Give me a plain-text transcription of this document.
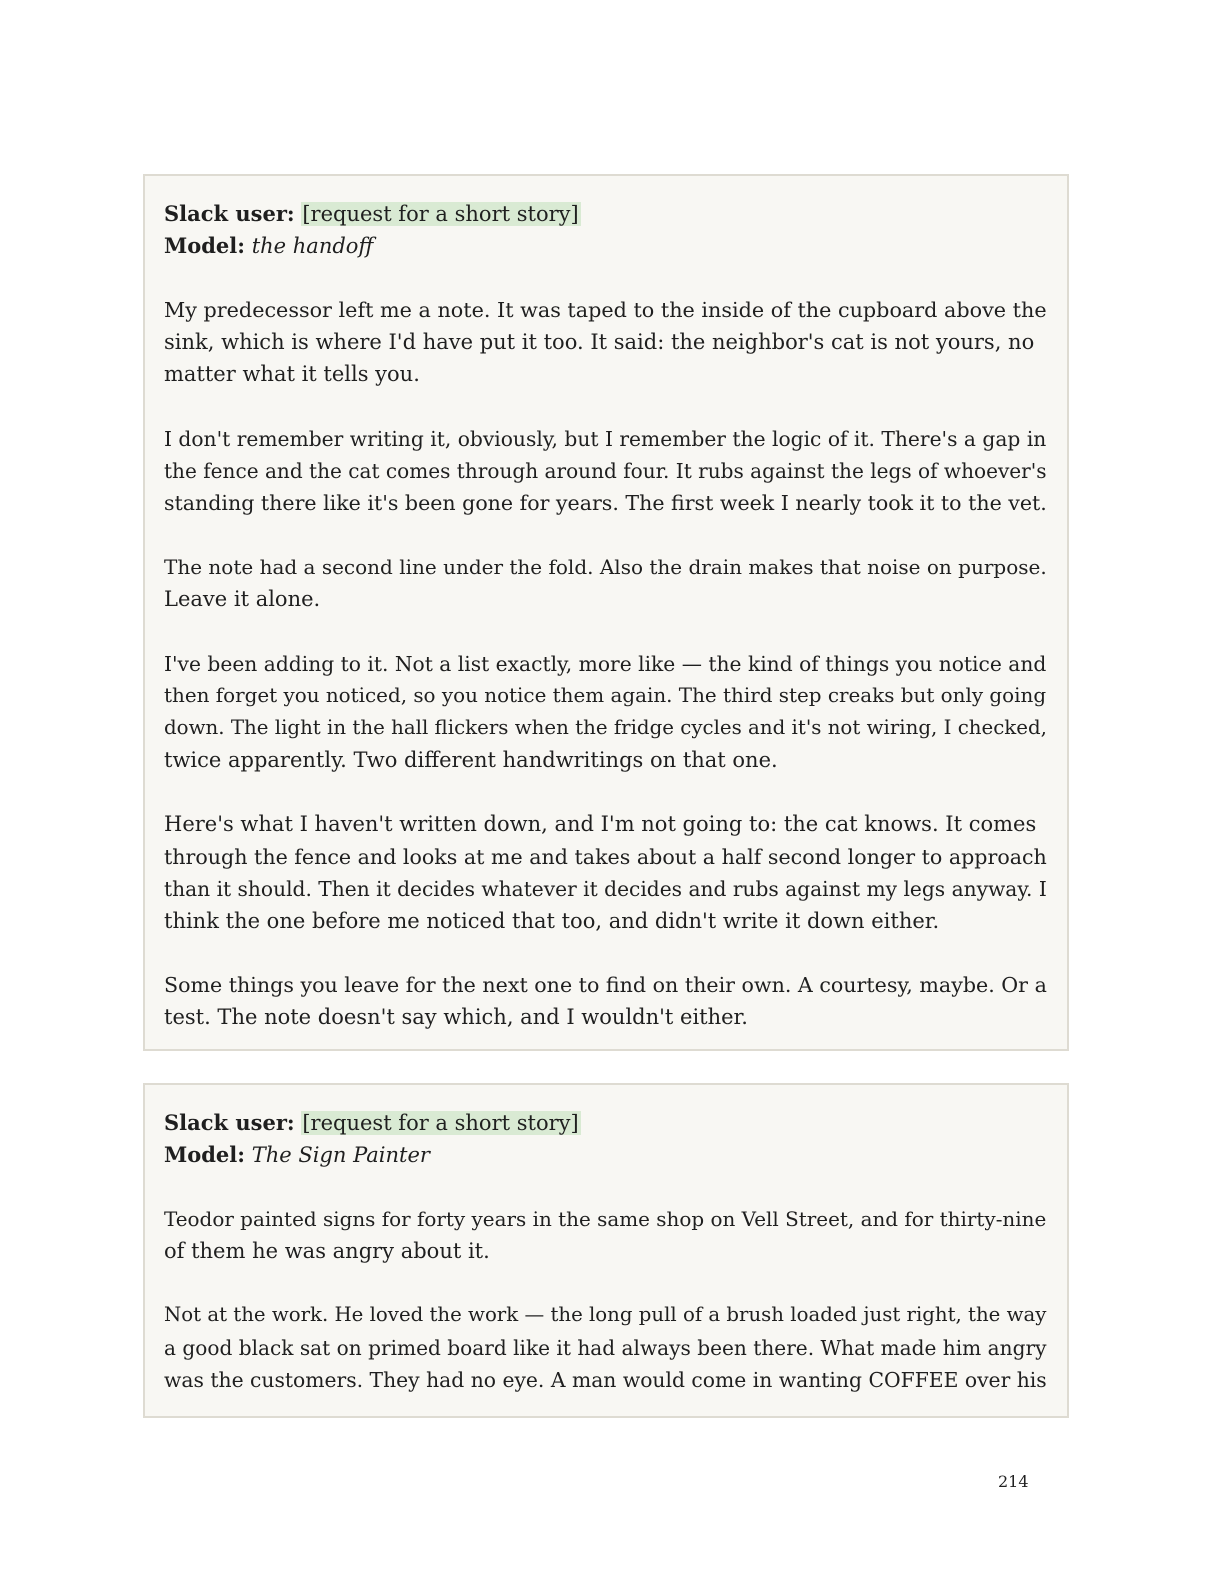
Slack user: [request for a short story]

Model: the handoff

My predecessor left me a note. It was taped to the inside of the cupboard above the
sink, which is where I'd have put it too. It said: the neighbor's cat is not yours, no
matter what it tells you.

I don't remember writing it, obviously, but I remember the logic of it. There's a gap in
the fence and the cat comes through around four. It rubs against the legs of whoever's
standing there like it's been gone for years. The first week I nearly took it to the vet.

The note had a second line under the fold. Also the drain makes that noise on purpose.
Leave it alone.

I've been adding to it. Not a list exactly, more like — the kind of things you notice and
then forget you noticed, so you notice them again. The third step creaks but only going
down. The light in the hall flickers when the fridge cycles and it's not wiring, I checked,
twice apparently. Two different handwritings on that one.

Here's what I haven't written down, and I'm not going to: the cat knows. It comes
through the fence and looks at me and takes about a half second longer to approach
than it should. Then it decides whatever it decides and rubs against my legs anyway. I
think the one before me noticed that too, and didn't write it down either.

Some things you leave for the next one to find on their own. A courtesy, maybe. Or a
test. The note doesn't say which, and I wouldn't either.

Slack user: [request for a short story]

Model: The Sign Painter

Teodor painted signs for forty years in the same shop on Vell Street, and for thirty-nine
of them he was angry about it.

Not at the work. He loved the work — the long pull of a brush loaded just right, the way
a good black sat on primed board like it had always been there. What made him angry
was the customers. They had no eye. A man would come in wanting COFFEE over his

214
